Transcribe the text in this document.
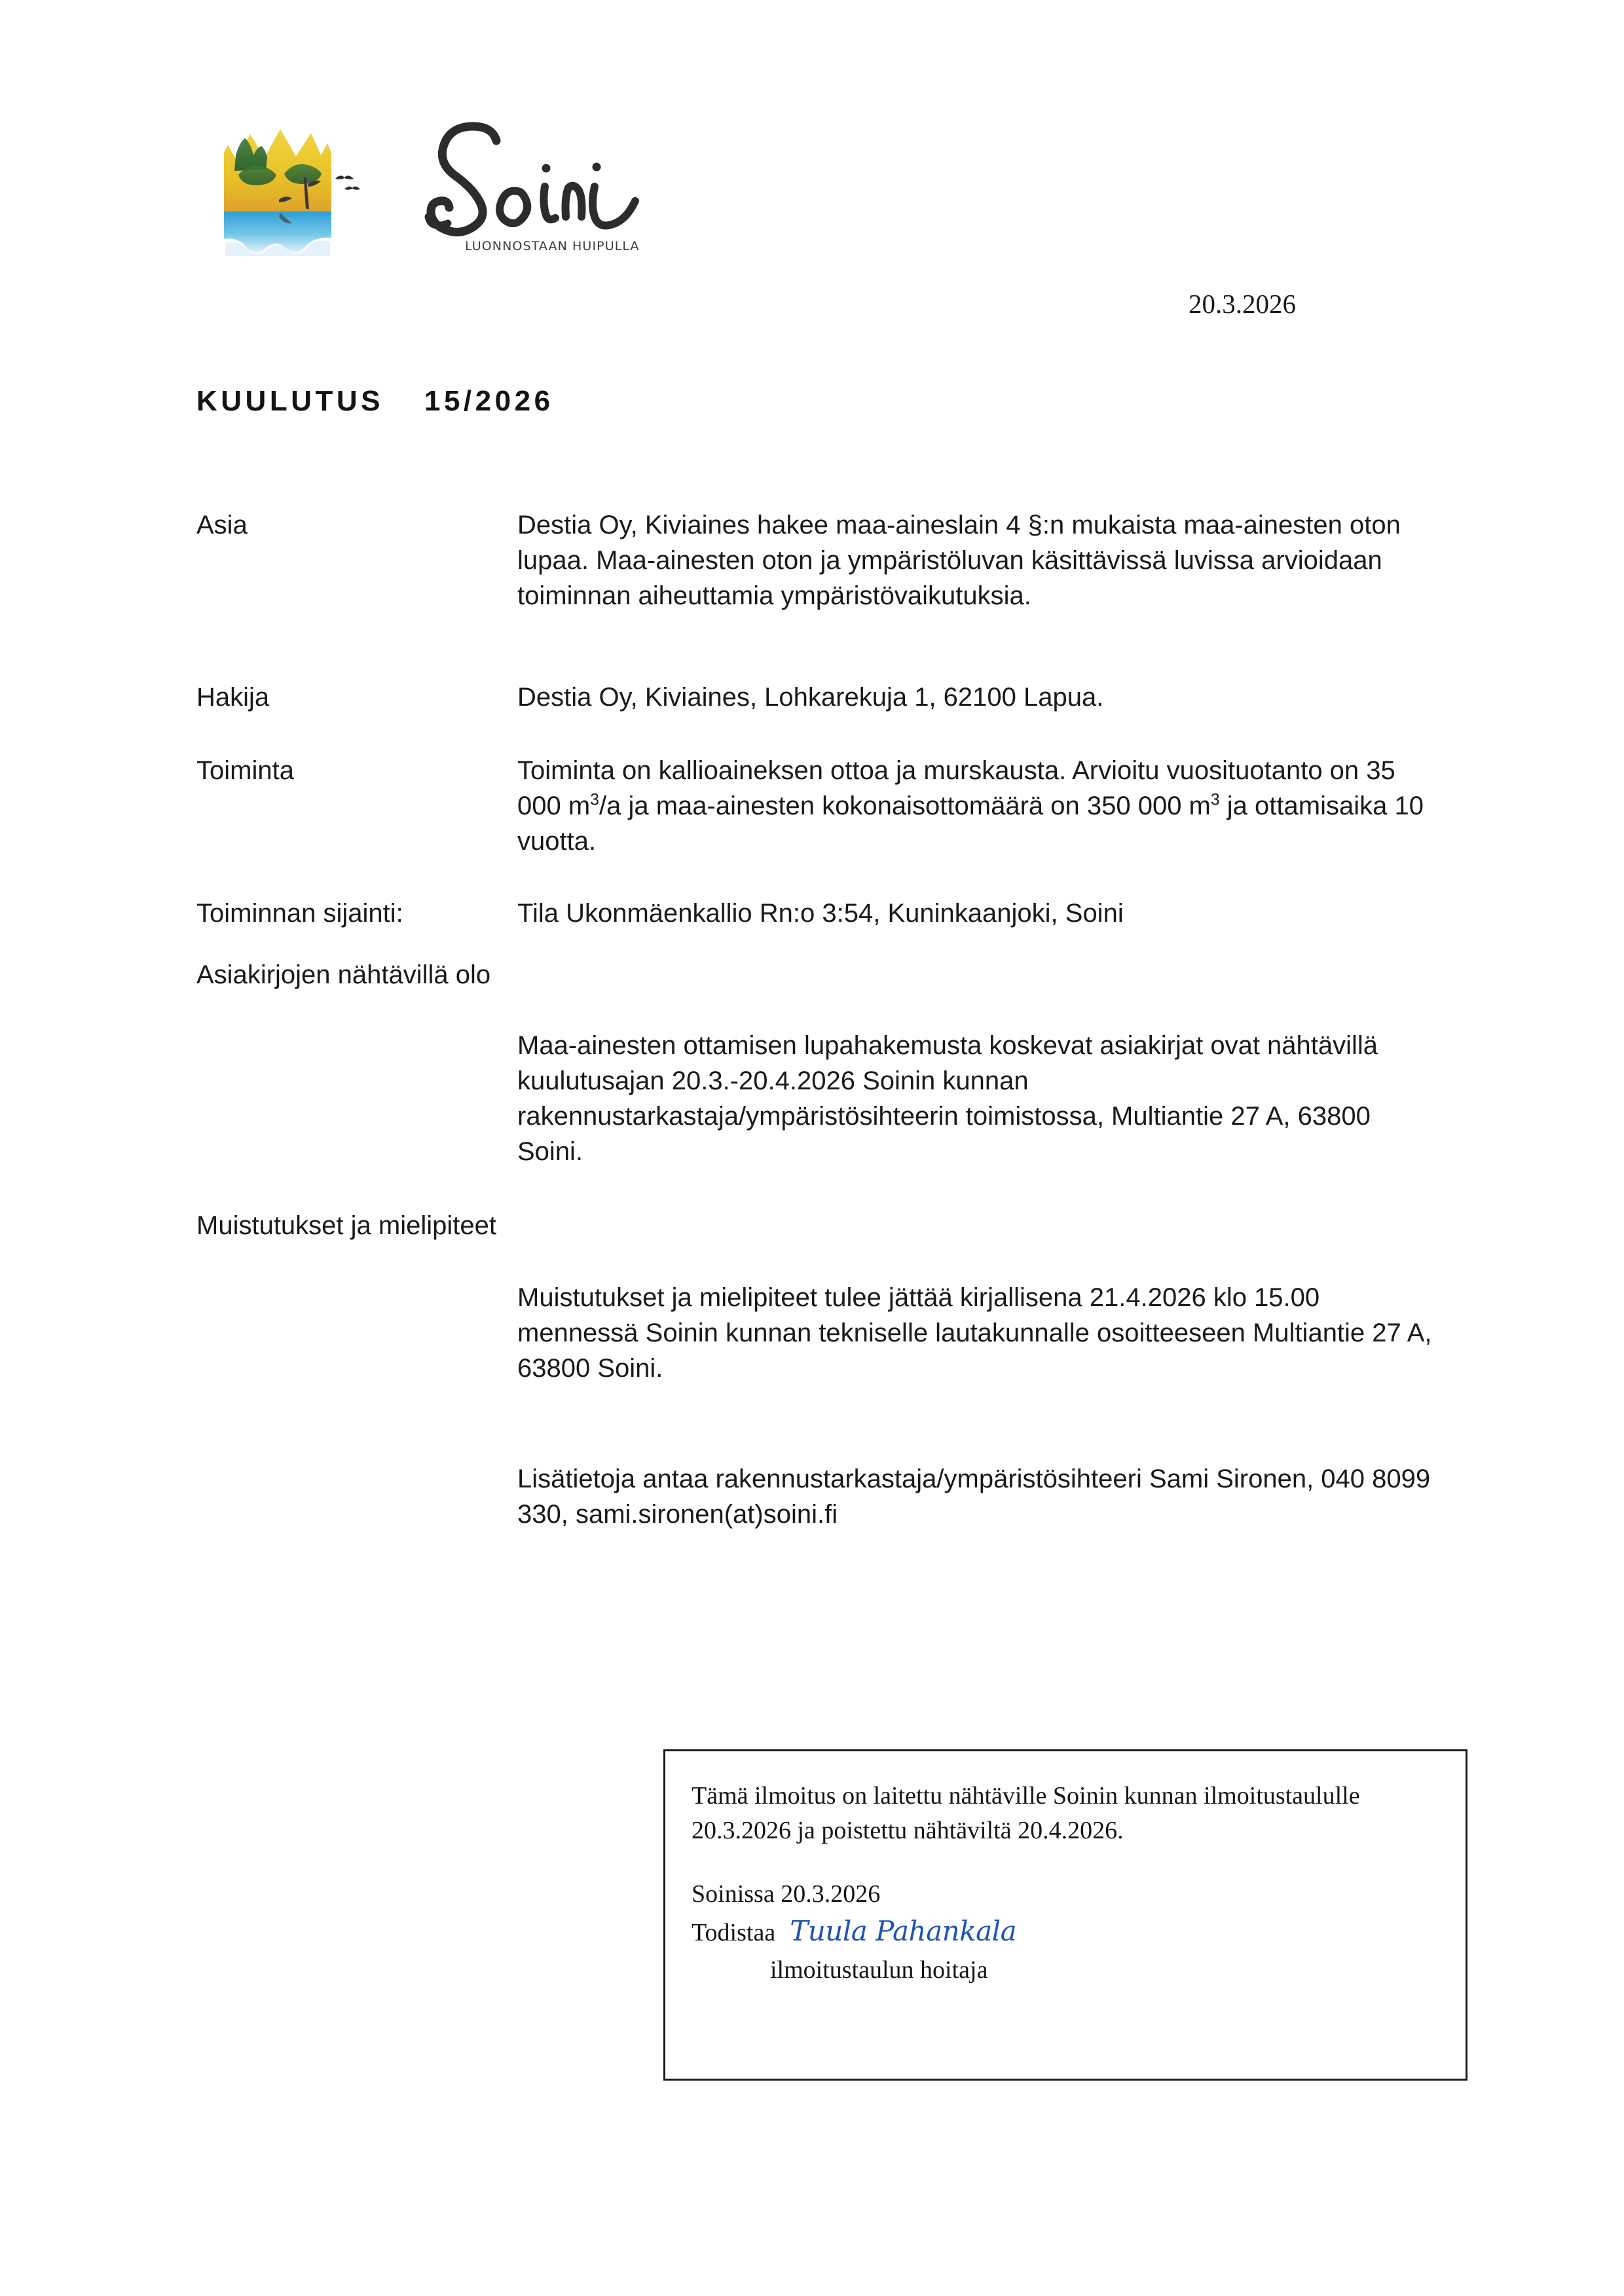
LUONNOSTAAN HUIPULLA
20.3.2026
KUULUTUS 15/2026
Asia	Destia Oy, Kiviaines hakee maa-aineslain 4 §:n mukaista maa-ainesten oton lupaa. Maa-ainesten oton ja ympäristöluvan käsittävissä luvissa arvioidaan toiminnan aiheuttamia ympäristövaikutuksia.

Hakija	Destia Oy, Kiviaines, Lohkarekuja 1, 62100 Lapua.

Toiminta	Toiminta on kallioaineksen ottoa ja murskausta. Arvioitu vuosituotanto on 35 000 $m^3/a$ ja maa-ainesten kokonaisottomäärä on 350 000 $m^3$ ja ottamisaika 10 vuotta.

Toiminnan sijainti:	Tila Ukonmäenkallio Rn:o 3:54, Kuninkaanjoki, Soini

Asiakirjojen nähtävillä olo

Maa-ainesten ottamisen lupahakemusta koskevat asiakirjat ovat nähtävillä kuulutusajan 20.3.-20.4.2026 Soinin kunnan rakennustarkastaja/ympäristösihteerin toimistossa, Multiantie 27 A, 63800 Soini.

Muistutukset ja mielipiteet

Muistutukset ja mielipiteet tulee jättää kirjallisena 21.4.2026 klo 15.00 mennessä Soinin kunnan tekniselle lautakunnalle osoitteeseen Multiantie 27 A, 63800 Soini.

Lisätietoja antaa rakennustarkastaja/ympäristösihteeri Sami Sironen, 040 8099 330, sami.sironen(at)soini.fi

Tämä ilmoitus on laitettu nähtäville Soinin kunnan ilmoitustaululle 20.3.2026 ja poistettu nähtäviltä 20.4.2026.
Soinissa 20.3.2026
Todistaa Tuula Pahankala
ilmoitustaulun hoitaja
